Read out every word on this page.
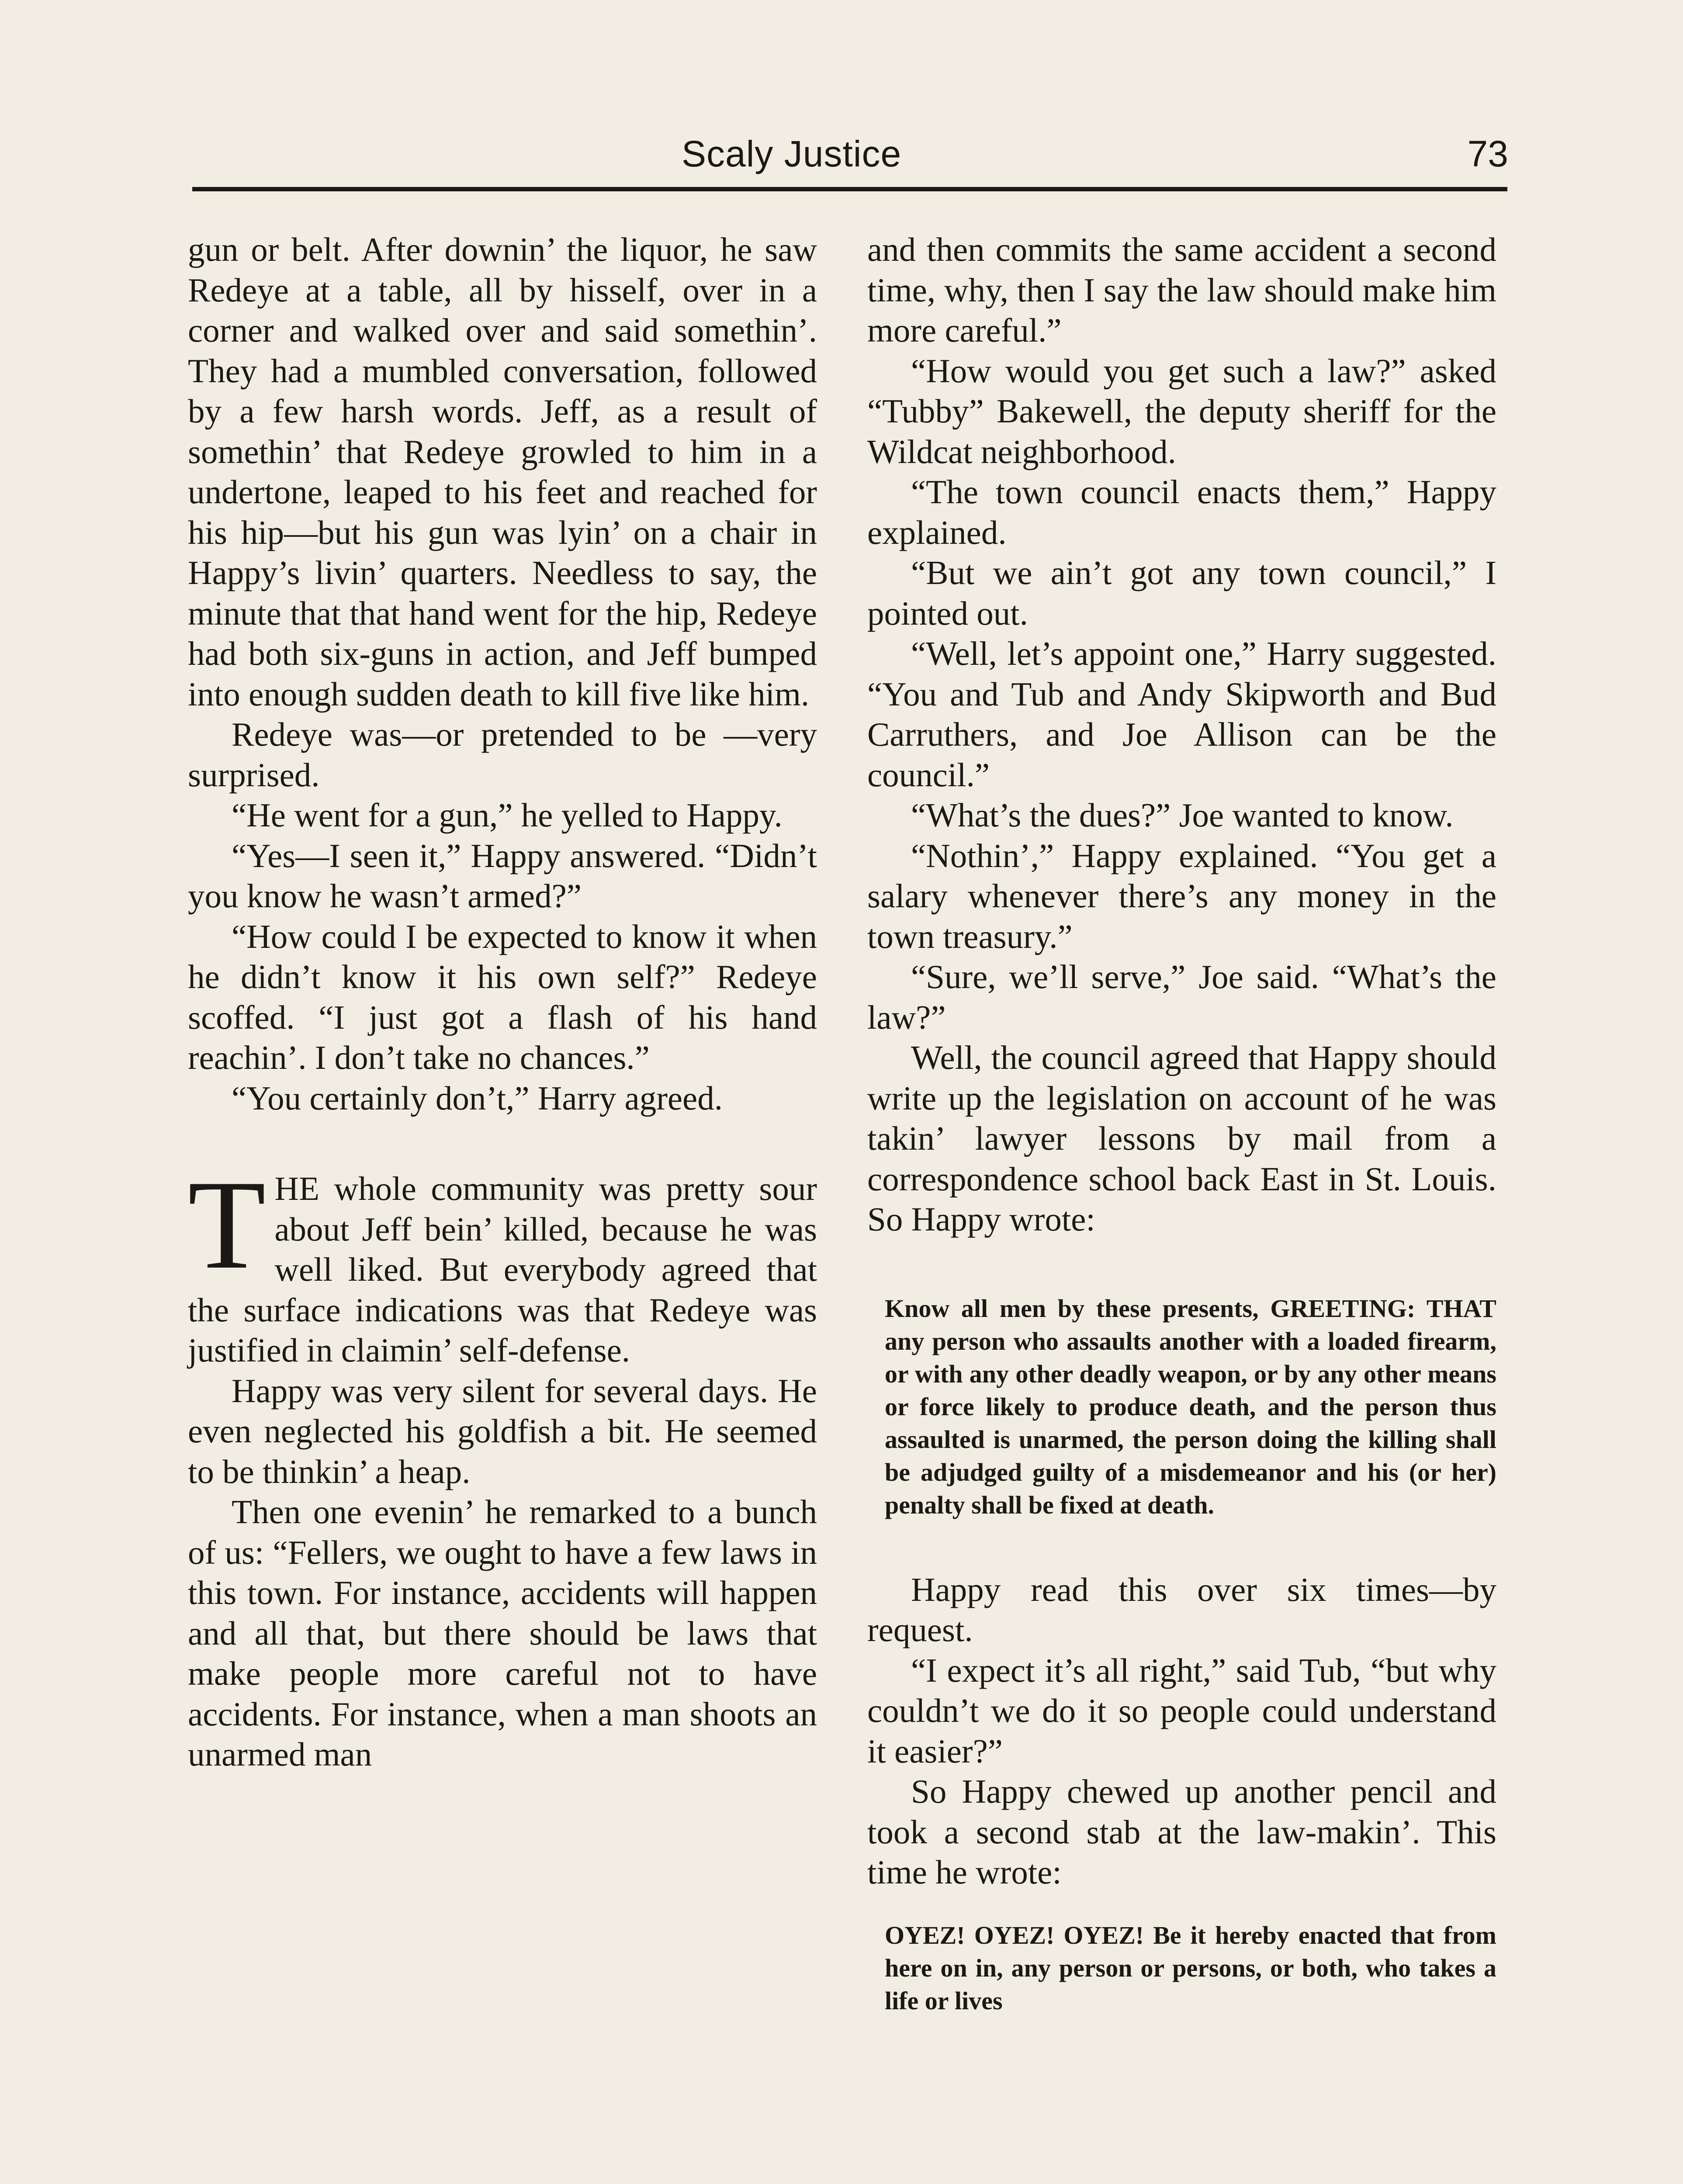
Scaly Justice	73

gun or belt. After downin’ the liquor, he saw Redeye at a table, all by hisself, over in a corner and walked over and said somethin’. They had a mumbled conversation, followed by a few harsh words. Jeff, as a result of somethin’ that Redeye growled to him in a undertone, leaped to his feet and reached for his hip—but his gun was lyin’ on a chair in Happy’s livin’ quarters. Needless to say, the minute that that hand went for the hip, Redeye had both six-guns in action, and Jeff bumped into enough sudden death to kill five like him.

Redeye was—or pretended to be —very surprised.

“He went for a gun,” he yelled to Happy.

“Yes—I seen it,” Happy answered. “Didn’t you know he wasn’t armed?”

“How could I be expected to know it when he didn’t know it his own self?” Redeye scoffed. “I just got a flash of his hand reachin’. I don’t take no chances.”

“You certainly don’t,” Harry agreed.

THE whole community was pretty sour about Jeff bein’ killed, because he was well liked. But everybody agreed that the surface indications was that Redeye was justified in claimin’ self-defense.

Happy was very silent for several days. He even neglected his goldfish a bit. He seemed to be thinkin’ a heap.

Then one evenin’ he remarked to a bunch of us: “Fellers, we ought to have a few laws in this town. For instance, accidents will happen and all that, but there should be laws that make people more careful not to have accidents. For instance, when a man shoots an unarmed man

and then commits the same accident a second time, why, then I say the law should make him more careful.”

“How would you get such a law?” asked “Tubby” Bakewell, the deputy sheriff for the Wildcat neighborhood.

“The town council enacts them,” Happy explained.

“But we ain’t got any town council,” I pointed out.

“Well, let’s appoint one,” Harry suggested. “You and Tub and Andy Skipworth and Bud Carruthers, and Joe Allison can be the council.”

“What’s the dues?” Joe wanted to know.

“Nothin’,” Happy explained. “You get a salary whenever there’s any money in the town treasury.”

“Sure, we’ll serve,” Joe said. “What’s the law?”

Well, the council agreed that Happy should write up the legislation on account of he was takin’ lawyer lessons by mail from a correspondence school back East in St. Louis. So Happy wrote:

Know all men by these presents, GREETING: THAT any person who assaults another with a loaded firearm, or with any other deadly weapon, or by any other means or force likely to produce death, and the person thus assaulted is unarmed, the person doing the killing shall be adjudged guilty of a misdemeanor and his (or her) penalty shall be fixed at death.

Happy read this over six times—by request.

“I expect it’s all right,” said Tub, “but why couldn’t we do it so people could understand it easier?”

So Happy chewed up another pencil and took a second stab at the law-makin’. This time he wrote:

OYEZ! OYEZ! OYEZ! Be it hereby enacted that from here on in, any person or persons, or both, who takes a life or lives
